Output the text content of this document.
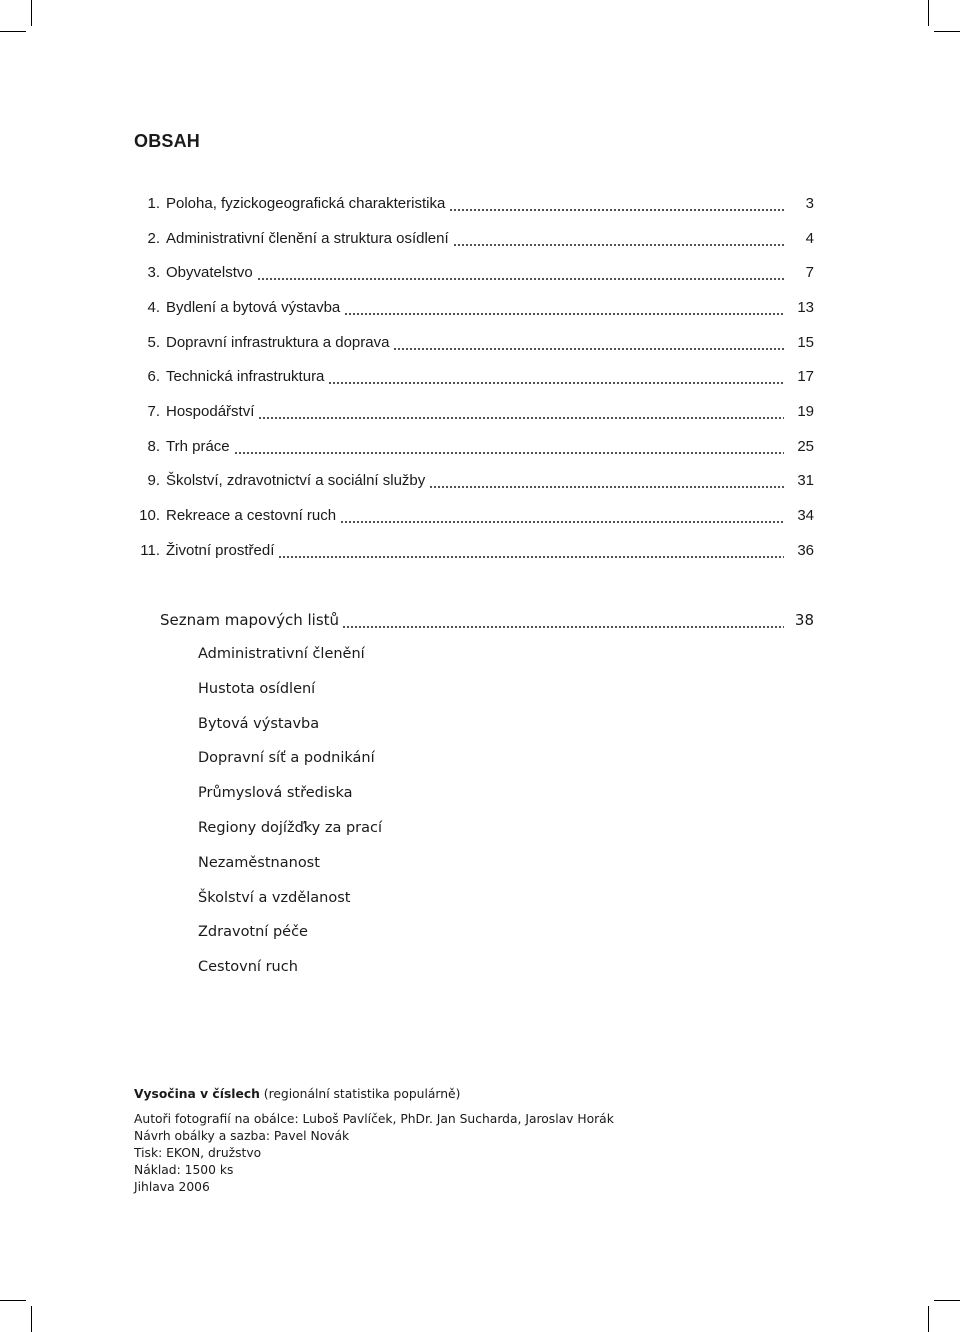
OBSAH
1. Poloha, fyzickogeografická charakteristika	3
2. Administrativní členění a struktura osídlení	4
3. Obyvatelstvo	7
4. Bydlení a bytová výstavba	13
5. Dopravní infrastruktura a doprava	15
6. Technická infrastruktura	17
7. Hospodářství	19
8. Trh práce	25
9. Školství, zdravotnictví a sociální služby	31
10. Rekreace a cestovní ruch	34
11. Životní prostředí	36
Seznam mapových listů	38
Administrativní členění
Hustota osídlení
Bytová výstavba
Dopravní síť a podnikání
Průmyslová střediska
Regiony dojížďky za prací
Nezaměstnanost
Školství a vzdělanost
Zdravotní péče
Cestovní ruch
Vysočina v číslech (regionální statistika populárně)
Autoři fotografií na obálce: Luboš Pavlíček, PhDr. Jan Sucharda, Jaroslav Horák
Návrh obálky a sazba: Pavel Novák
Tisk: EKON, družstvo
Náklad: 1500 ks
Jihlava 2006
